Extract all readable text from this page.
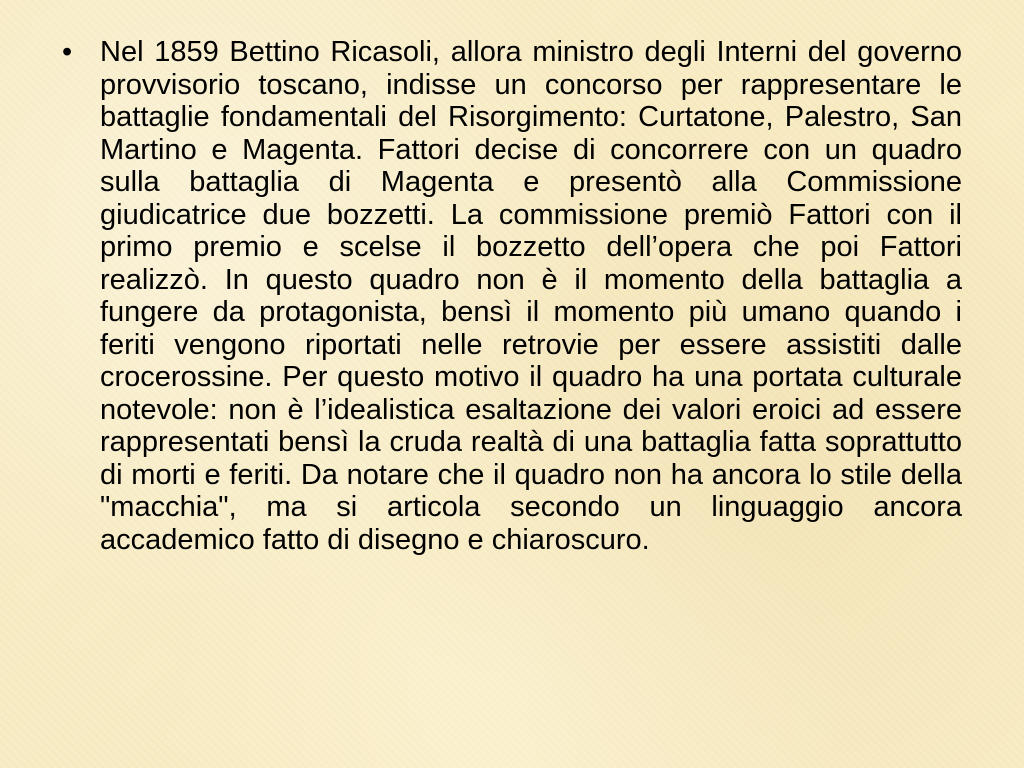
• Nel 1859 Bettino Ricasoli, allora ministro degli Interni del governo provvisorio toscano, indisse un concorso per rappresentare le battaglie fondamentali del Risorgimento: Curtatone, Palestro, San Martino e Magenta. Fattori decise di concorrere con un quadro sulla battaglia di Magenta e presentò alla Commissione giudicatrice due bozzetti. La commissione premiò Fattori con il primo premio e scelse il bozzetto dell’opera che poi Fattori realizzò. In questo quadro non è il momento della battaglia a fungere da protagonista, bensì il momento più umano quando i feriti vengono riportati nelle retrovie per essere assistiti dalle crocerossine. Per questo motivo il quadro ha una portata culturale notevole: non è l’idealistica esaltazione dei valori eroici ad essere rappresentati bensì la cruda realtà di una battaglia fatta soprattutto di morti e feriti. Da notare che il quadro non ha ancora lo stile della "macchia", ma si articola secondo un linguaggio ancora accademico fatto di disegno e chiaroscuro.
